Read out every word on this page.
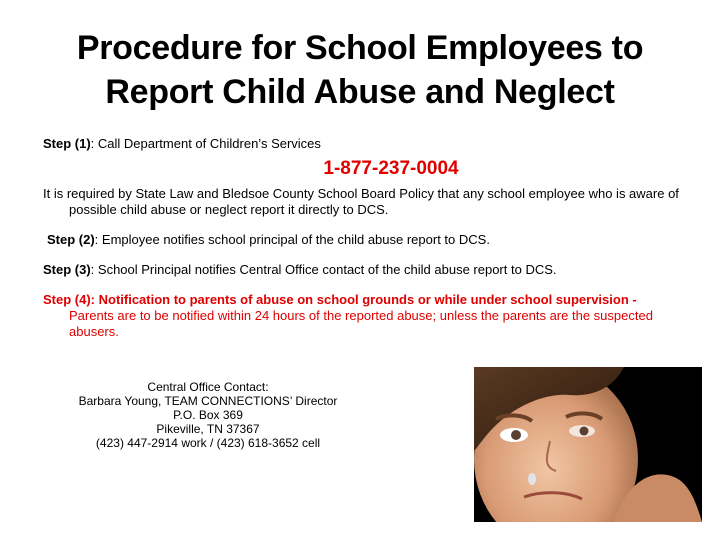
Procedure for School Employees to
Report Child Abuse and Neglect

Step (1): Call Department of Children’s Services

1-877-237-0004

It is required by State Law and Bledsoe County School Board Policy that any school employee who is aware of possible child abuse or neglect report it directly to DCS.

Step (2): Employee notifies school principal of the child abuse report to DCS.

Step (3): School Principal notifies Central Office contact of the child abuse report to DCS.

Step (4): Notification to parents of abuse on school grounds or while under school supervision - Parents are to be notified within 24 hours of the reported abuse; unless the parents are the suspected abusers.

Central Office Contact:
Barbara Young, TEAM CONNECTIONS’ Director
P.O. Box 369
Pikeville, TN 37367
(423) 447-2914 work / (423) 618-3652 cell
